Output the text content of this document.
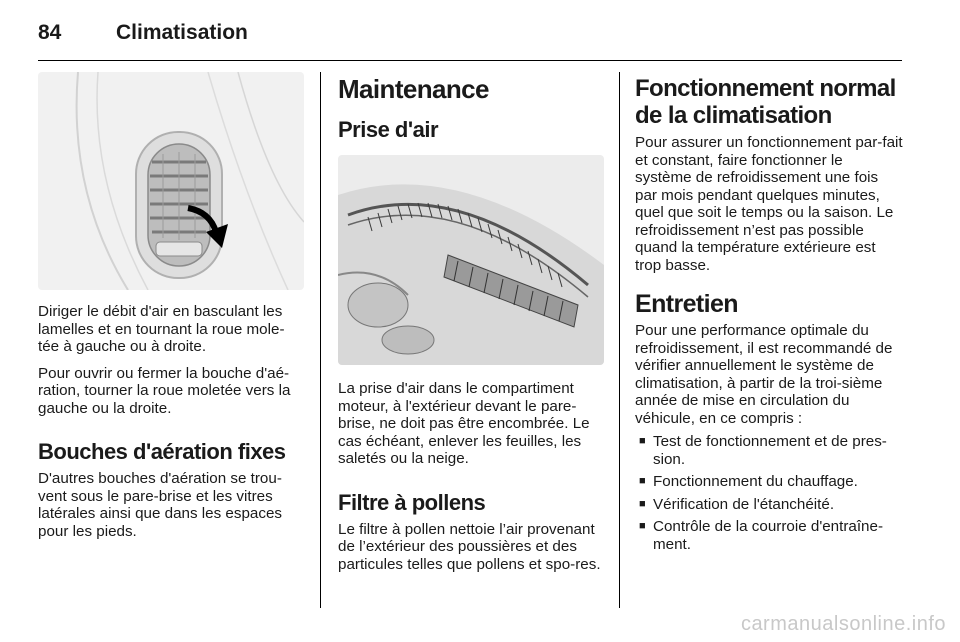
84	Climatisation

Diriger le débit d'air en basculant les lamelles et en tournant la roue mole-tée à gauche ou à droite.

Pour ouvrir ou fermer la bouche d'aé-ration, tourner la roue moletée vers la gauche ou la droite.

Bouches d'aération fixes

D'autres bouches d'aération se trou-vent sous le pare-brise et les vitres latérales ainsi que dans les espaces pour les pieds.

Maintenance
Prise d'air

La prise d'air dans le compartiment moteur, à l'extérieur devant le pare-brise, ne doit pas être encombrée. Le cas échéant, enlever les feuilles, les saletés ou la neige.

Filtre à pollens

Le filtre à pollen nettoie l’air provenant de l’extérieur des poussières et des particules telles que pollens et spo-res.

Fonctionnement normal de la climatisation

Pour assurer un fonctionnement par-fait et constant, faire fonctionner le système de refroidissement une fois par mois pendant quelques minutes, quel que soit le temps ou la saison. Le refroidissement n’est pas possible quand la température extérieure est trop basse.

Entretien

Pour une performance optimale du refroidissement, il est recommandé de vérifier annuellement le système de climatisation, à partir de la troi-sième année de mise en circulation du véhicule, en ce compris :

■ Test de fonctionnement et de pres-sion.
■ Fonctionnement du chauffage.
■ Vérification de l'étanchéité.
■ Contrôle de la courroie d'entraîne-ment.
carmanualsonline.info
